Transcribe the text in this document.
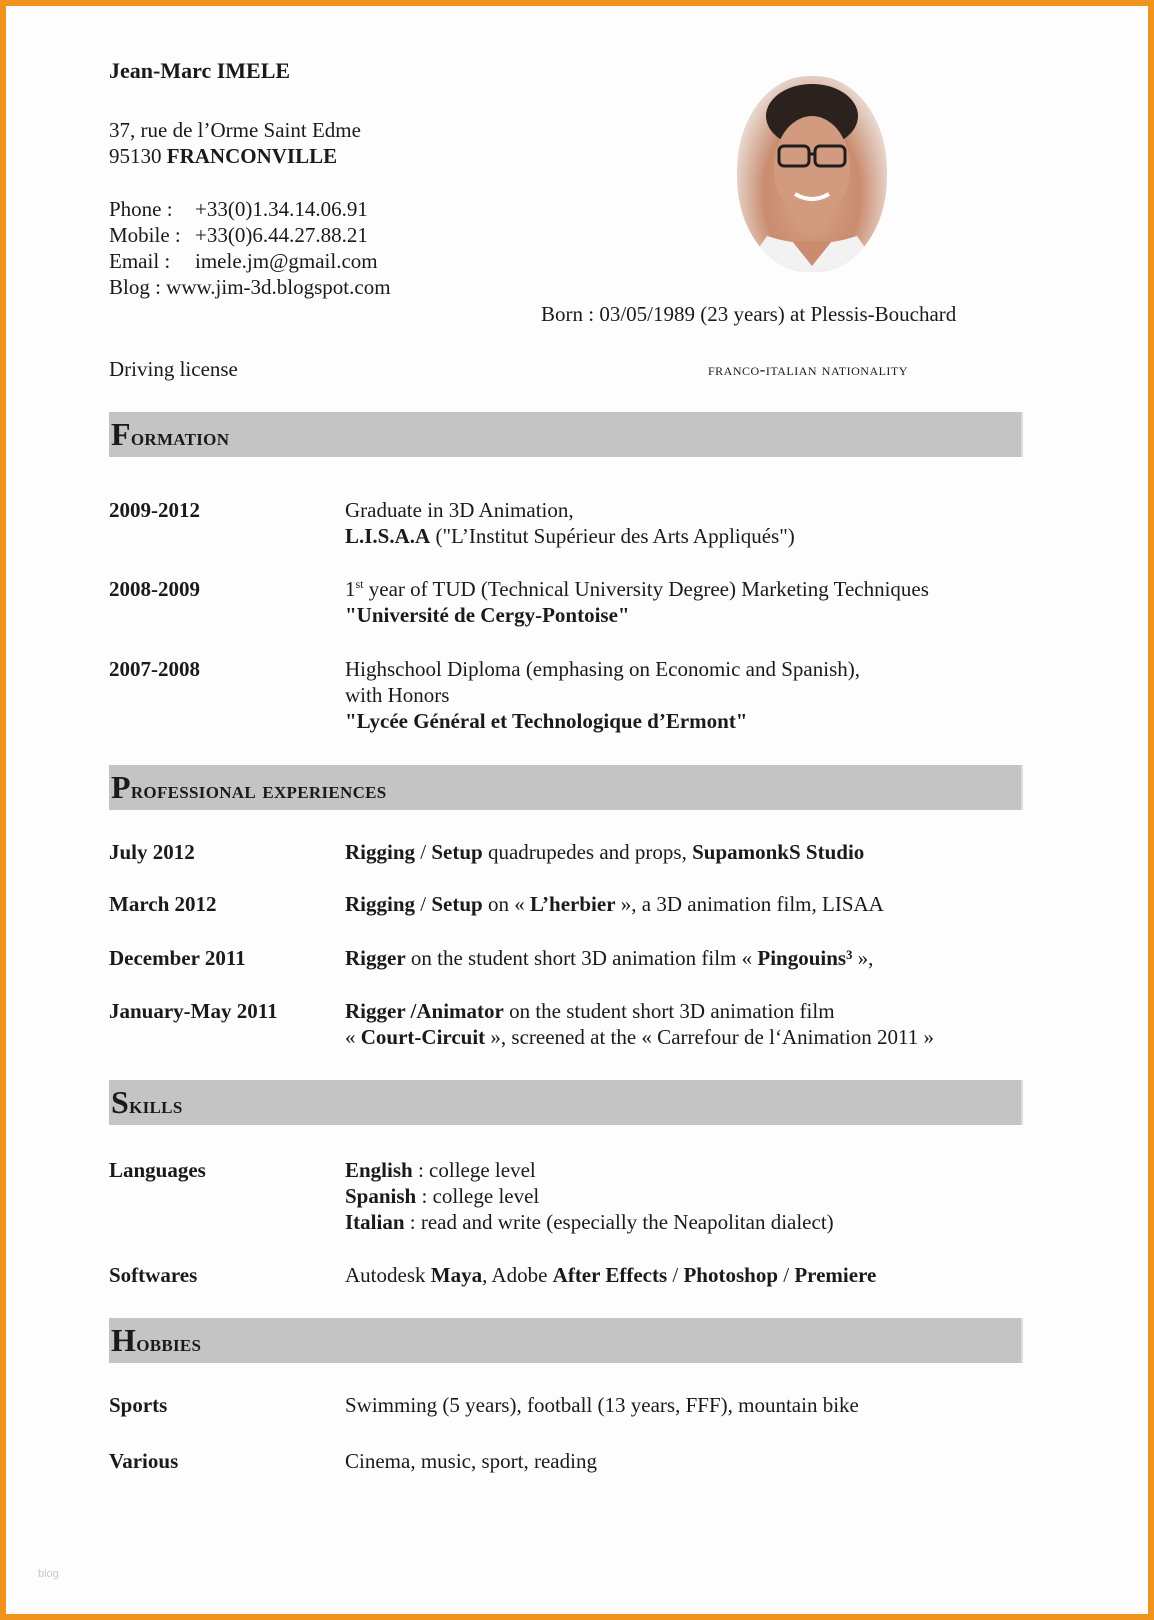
Jean-Marc IMELE
37, rue de l’Orme Saint Edme
95130 FRANCONVILLE
Phone : +33(0)1.34.14.06.91
Mobile : +33(0)6.44.27.88.21
Email : imele.jm@gmail.com
Blog : www.jim-3d.blogspot.com
Born : 03/05/1989 (23 years) at Plessis-Bouchard
Driving license	franco-italian nationality
Formation
2009-2012	Graduate in 3D Animation,
L.I.S.A.A ("L’Institut Supérieur des Arts Appliqués")
2008-2009	1st year of TUD (Technical University Degree) Marketing Techniques
"Université de Cergy-Pontoise"
2007-2008	Highschool Diploma (emphasing on Economic and Spanish),
with Honors
"Lycée Général et Technologique d’Ermont"
Professional experiences
July 2012	Rigging / Setup quadrupedes and props, SupamonkS Studio
March 2012	Rigging / Setup on « L’herbier », a 3D animation film, LISAA
December 2011	Rigger on the student short 3D animation film « Pingouins³ »,
January-May 2011	Rigger /Animator on the student short 3D animation film
« Court-Circuit », screened at the « Carrefour de l‘Animation 2011 »
Skills
Languages	English : college level
Spanish : college level
Italian : read and write (especially the Neapolitan dialect)
Softwares	Autodesk Maya, Adobe After Effects / Photoshop / Premiere
Hobbies
Sports	Swimming (5 years), football (13 years, FFF), mountain bike
Various	Cinema, music, sport, reading
blog
